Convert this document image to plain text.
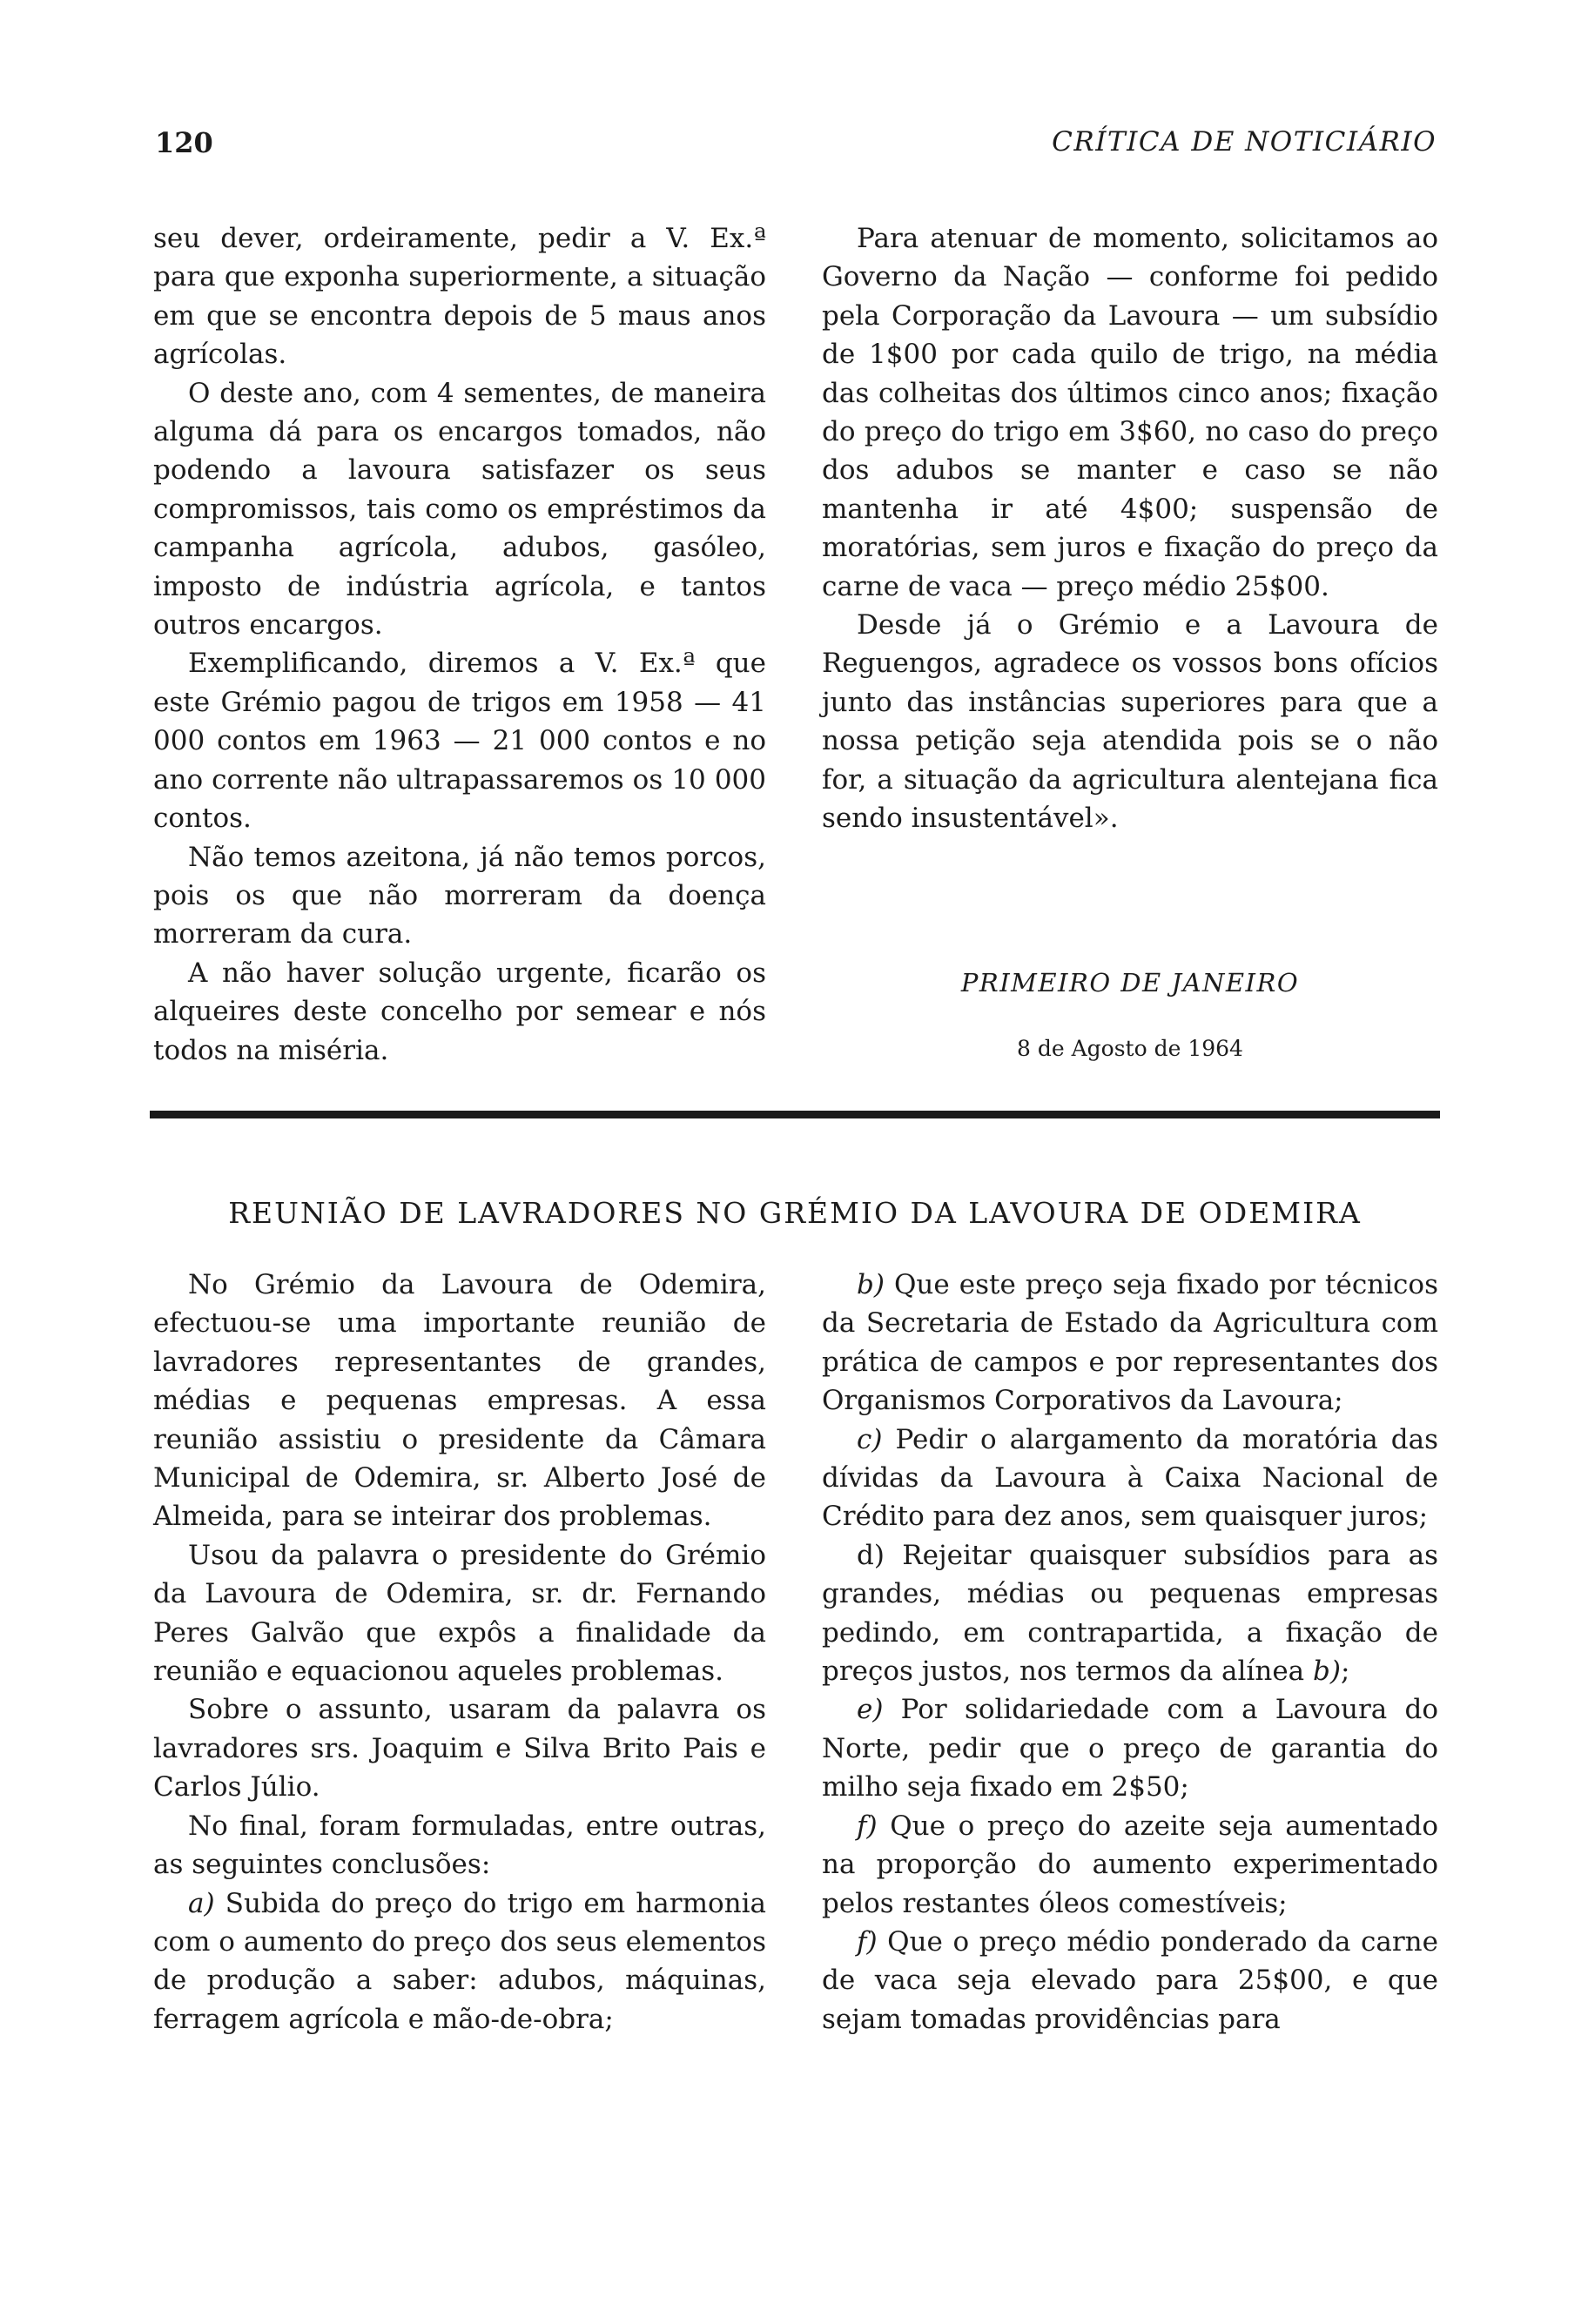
120	CRÍTICA DE NOTICIÁRIO

seu dever, ordeiramente, pedir a V. Ex.ª para que exponha superiormente, a situação em que se encontra depois de 5 maus anos agrícolas.

O deste ano, com 4 sementes, de maneira alguma dá para os encargos tomados, não podendo a lavoura satisfazer os seus compromissos, tais como os empréstimos da campanha agrícola, adubos, gasóleo, imposto de indústria agrícola, e tantos outros encargos.

Exemplificando, diremos a V. Ex.ª que este Grémio pagou de trigos em 1958 — 41 000 contos em 1963 — 21 000 contos e no ano corrente não ultrapassaremos os 10 000 contos.

Não temos azeitona, já não temos porcos, pois os que não morreram da doença morreram da cura.

A não haver solução urgente, ficarão os alqueires deste concelho por semear e nós todos na miséria.

Para atenuar de momento, solicitamos ao Governo da Nação — conforme foi pedido pela Corporação da Lavoura — um subsídio de 1$00 por cada quilo de trigo, na média das colheitas dos últimos cinco anos; fixação do preço do trigo em 3$60, no caso do preço dos adubos se manter e caso se não mantenha ir até 4$00; suspensão de moratórias, sem juros e fixação do preço da carne de vaca — preço médio 25$00.

Desde já o Grémio e a Lavoura de Reguengos, agradece os vossos bons ofícios junto das instâncias superiores para que a nossa petição seja atendida pois se o não for, a situação da agricultura alentejana fica sendo insustentável».

PRIMEIRO DE JANEIRO
8 de Agosto de 1964
REUNIÃO DE LAVRADORES NO GRÉMIO DA LAVOURA DE ODEMIRA

No Grémio da Lavoura de Odemira, efectuou-se uma importante reunião de lavradores representantes de grandes, médias e pequenas empresas. A essa reunião assistiu o presidente da Câmara Municipal de Odemira, sr. Alberto José de Almeida, para se inteirar dos problemas.

Usou da palavra o presidente do Grémio da Lavoura de Odemira, sr. dr. Fernando Peres Galvão que expôs a finalidade da reunião e equacionou aqueles problemas.

Sobre o assunto, usaram da palavra os lavradores srs. Joaquim e Silva Brito Pais e Carlos Júlio.

No final, foram formuladas, entre outras, as seguintes conclusões:

a) Subida do preço do trigo em harmonia com o aumento do preço dos seus elementos de produção a saber: adubos, máquinas, ferragem agrícola e mão-de-obra;

b) Que este preço seja fixado por técnicos da Secretaria de Estado da Agricultura com prática de campos e por representantes dos Organismos Corporativos da Lavoura;

c) Pedir o alargamento da moratória das dívidas da Lavoura à Caixa Nacional de Crédito para dez anos, sem quaisquer juros;

d) Rejeitar quaisquer subsídios para as grandes, médias ou pequenas empresas pedindo, em contrapartida, a fixação de preços justos, nos termos da alínea b);

e) Por solidariedade com a Lavoura do Norte, pedir que o preço de garantia do milho seja fixado em 2$50;

f) Que o preço do azeite seja aumentado na proporção do aumento experimentado pelos restantes óleos comestíveis;

f) Que o preço médio ponderado da carne de vaca seja elevado para 25$00, e que sejam tomadas providências para
